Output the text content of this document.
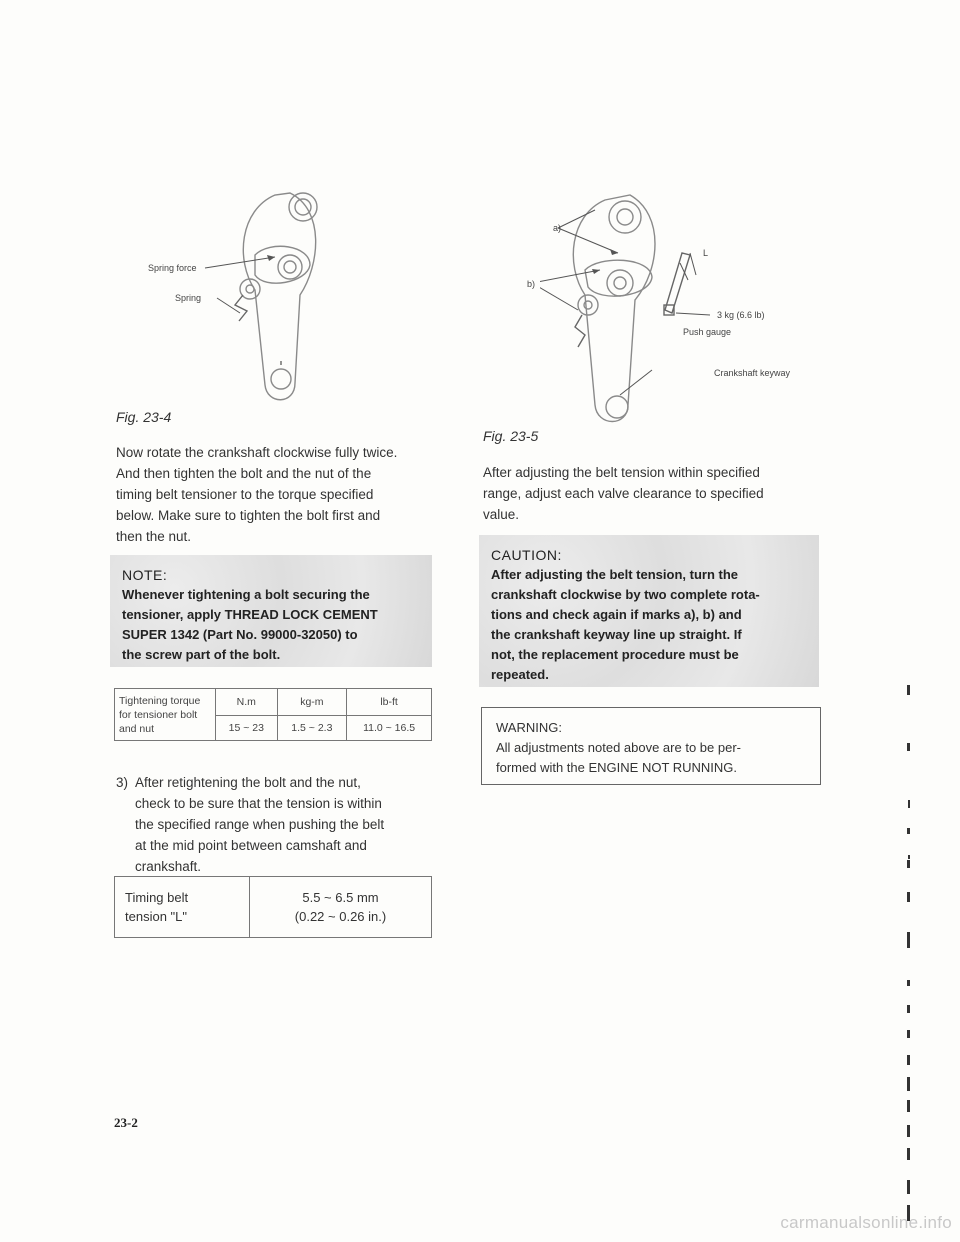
Spring force
Spring
Fig. 23-4
a)
b)
L
3 kg (6.6 lb)
Push gauge
Crankshaft keyway
Fig. 23-5
Now rotate the crankshaft clockwise fully twice.
And then tighten the bolt and the nut of the
timing belt tensioner to the torque specified
below. Make sure to tighten the bolt first and
then the nut.
NOTE:
Whenever tightening a bolt securing the
tensioner, apply THREAD LOCK CEMENT
SUPER 1342 (Part No. 99000-32050) to
the screw part of the bolt.
Tightening torque
for tensioner bolt
and nut	N.m	kg-m	lb-ft
	15 ~ 23	1.5 ~ 2.3	11.0 ~ 16.5
3) After retightening the bolt and the nut,
check to be sure that the tension is within
the specified range when pushing the belt
at the mid point between camshaft and
crankshaft.
Timing belt
tension "L"

5.5 ~ 6.5 mm
(0.22 ~ 0.26 in.)
23-2
After adjusting the belt tension within specified
range, adjust each valve clearance to specified
value.
CAUTION:
After adjusting the belt tension, turn the
crankshaft clockwise by two complete rota-
tions and check again if marks a), b) and
the crankshaft keyway line up straight. If
not, the replacement procedure must be
repeated.
WARNING:
All adjustments noted above are to be per-
formed with the ENGINE NOT RUNNING.
carmanualsonline.info
